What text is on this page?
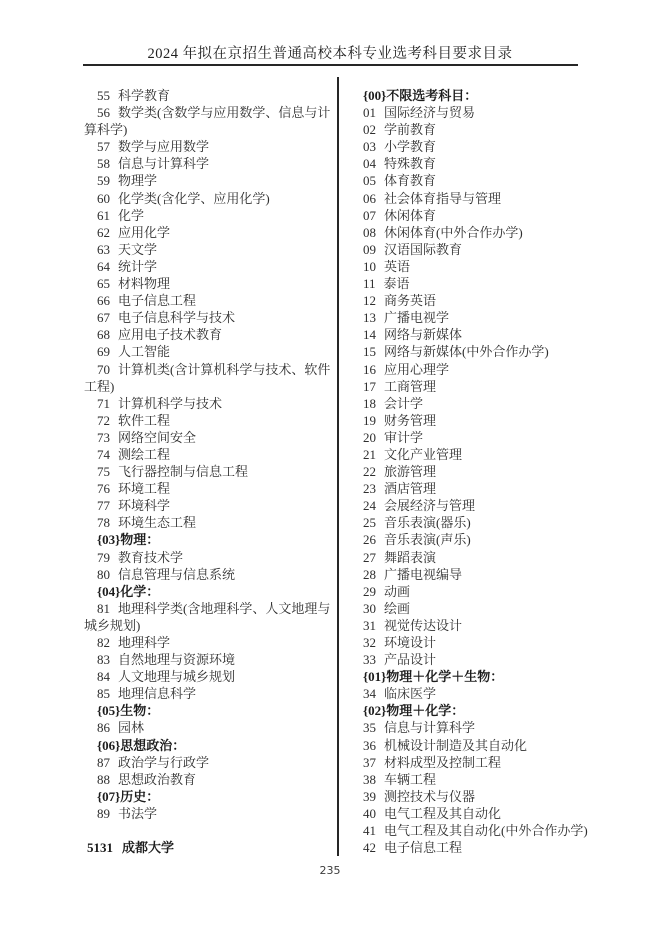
2024 年拟在京招生普通高校本科专业选考科目要求目录
55 科学教育
56 数学类(含数学与应用数学、信息与计算科学)
57 数学与应用数学
58 信息与计算科学
59 物理学
60 化学类(含化学、应用化学)
61 化学
62 应用化学
63 天文学
64 统计学
65 材料物理
66 电子信息工程
67 电子信息科学与技术
68 应用电子技术教育
69 人工智能
70 计算机类(含计算机科学与技术、软件工程)
71 计算机科学与技术
72 软件工程
73 网络空间安全
74 测绘工程
75 飞行器控制与信息工程
76 环境工程
77 环境科学
78 环境生态工程
{03}物理：
79 教育技术学
80 信息管理与信息系统
{04}化学：
81 地理科学类(含地理科学、人文地理与城乡规划)
82 地理科学
83 自然地理与资源环境
84 人文地理与城乡规划
85 地理信息科学
{05}生物：
86 园林
{06}思想政治：
87 政治学与行政学
88 思想政治教育
{07}历史：
89 书法学
5131 成都大学
{00}不限选考科目：
01 国际经济与贸易
02 学前教育
03 小学教育
04 特殊教育
05 体育教育
06 社会体育指导与管理
07 休闲体育
08 休闲体育(中外合作办学)
09 汉语国际教育
10 英语
11 泰语
12 商务英语
13 广播电视学
14 网络与新媒体
15 网络与新媒体(中外合作办学)
16 应用心理学
17 工商管理
18 会计学
19 财务管理
20 审计学
21 文化产业管理
22 旅游管理
23 酒店管理
24 会展经济与管理
25 音乐表演(器乐)
26 音乐表演(声乐)
27 舞蹈表演
28 广播电视编导
29 动画
30 绘画
31 视觉传达设计
32 环境设计
33 产品设计
{01}物理＋化学＋生物：
34 临床医学
{02}物理＋化学：
35 信息与计算科学
36 机械设计制造及其自动化
37 材料成型及控制工程
38 车辆工程
39 测控技术与仪器
40 电气工程及其自动化
41 电气工程及其自动化(中外合作办学)
42 电子信息工程
235
